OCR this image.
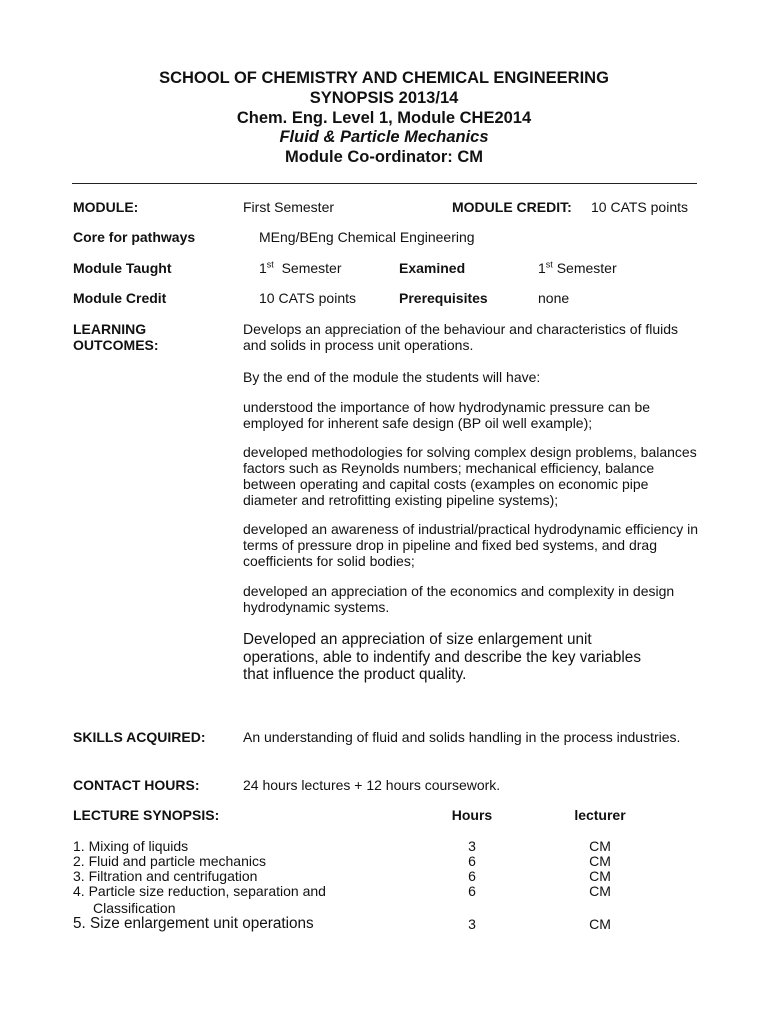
SCHOOL OF CHEMISTRY AND CHEMICAL ENGINEERING
SYNOPSIS 2013/14
Chem. Eng. Level 1, Module CHE2014
Fluid & Particle Mechanics
Module Co-ordinator: CM
MODULE:	First Semester	MODULE CREDIT: 10 CATS points
Core for pathways	MEng/BEng Chemical Engineering
Module Taught	1st  Semester	Examined	1st Semester
Module Credit	10 CATS points	Prerequisites	none
LEARNING
OUTCOMES:
Develops an appreciation of the behaviour and characteristics of fluids and solids in process unit operations.
By the end of the module the students will have:
understood the importance of how hydrodynamic pressure can be employed for inherent safe design (BP oil well example);
developed methodologies for solving complex design problems, balances factors such as Reynolds numbers; mechanical efficiency, balance between operating and capital costs (examples on economic pipe diameter and retrofitting existing pipeline systems);
developed an awareness of industrial/practical hydrodynamic efficiency in terms of pressure drop in pipeline and fixed bed systems, and drag coefficients for solid bodies;
developed an appreciation of the economics and complexity in design hydrodynamic systems.
Developed an appreciation of size enlargement unit operations, able to indentify and describe the key variables that influence the product quality.
SKILLS ACQUIRED:	An understanding of fluid and solids handling in the process industries.
CONTACT HOURS:	24 hours lectures + 12 hours coursework.
LECTURE SYNOPSIS:	Hours	lecturer
1. Mixing of liquids	3	CM
2. Fluid and particle mechanics	6	CM
3. Filtration and centrifugation	6	CM
4. Particle size reduction, separation and
Classification
6	CM
5. Size enlargement unit operations	3	CM
